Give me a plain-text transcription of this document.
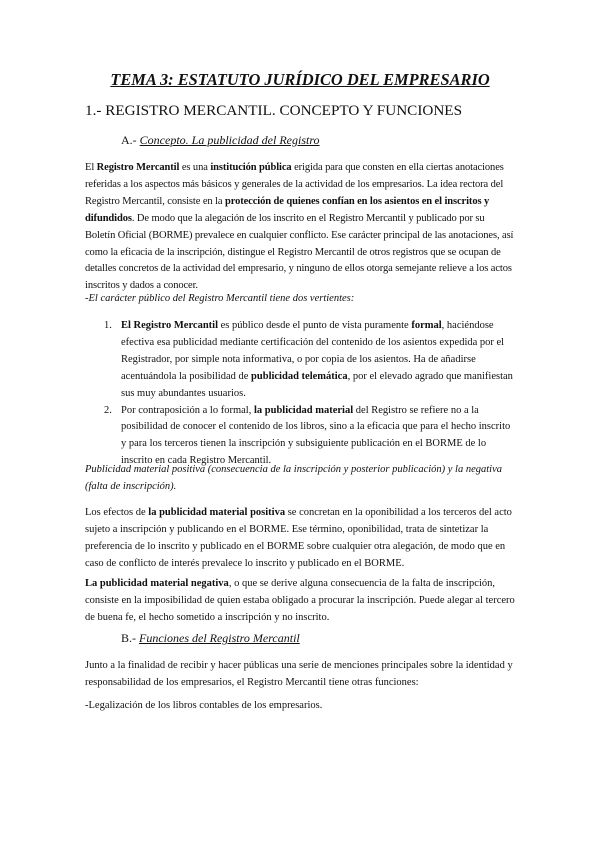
TEMA 3: ESTATUTO JURÍDICO DEL EMPRESARIO
1.- REGISTRO MERCANTIL. CONCEPTO Y FUNCIONES
A.- Concepto. La publicidad del Registro

El Registro Mercantil es una institución pública erigida para que consten en ella ciertas anotaciones referidas a los aspectos más básicos y generales de la actividad de los empresarios. La idea rectora del Registro Mercantil, consiste en la protección de quienes confían en los asientos en el inscritos y difundidos. De modo que la alegación de los inscrito en el Registro Mercantil y publicado por su Boletín Oficial (BORME) prevalece en cualquier conflicto. Ese carácter principal de las anotaciones, así como la eficacia de la inscripción, distingue el Registro Mercantil de otros registros que se ocupan de detalles concretos de la actividad del empresario, y ninguno de ellos otorga semejante relieve a los actos inscritos y dados a conocer.

-El carácter público del Registro Mercantil tiene dos vertientes:

1. El Registro Mercantil es público desde el punto de vista puramente formal, haciéndose efectiva esa publicidad mediante certificación del contenido de los asientos expedida por el Registrador, por simple nota informativa, o por copia de los asientos. Ha de añadirse acentuándola la posibilidad de publicidad telemática, por el elevado agrado que manifiestan sus muy abundantes usuarios.
2. Por contraposición a lo formal, la publicidad material del Registro se refiere no a la posibilidad de conocer el contenido de los libros, sino a la eficacia que para el hecho inscrito y para los terceros tienen la inscripción y subsiguiente publicación en el BORME de lo inscrito en cada Registro Mercantil.

Publicidad material positiva (consecuencia de la inscripción y posterior publicación) y la negativa (falta de inscripción).

Los efectos de la publicidad material positiva se concretan en la oponibilidad a los terceros del acto sujeto a inscripción y publicando en el BORME. Ese término, oponibilidad, trata de sintetizar la preferencia de lo inscrito y publicado en el BORME sobre cualquier otra alegación, de modo que en caso de conflicto de interés prevalece lo inscrito y publicado en el BORME.

La publicidad material negativa, o que se derive alguna consecuencia de la falta de inscripción, consiste en la imposibilidad de quien estaba obligado a procurar la inscripción. Puede alegar al tercero de buena fe, el hecho sometido a inscripción y no inscrito.

B.- Funciones del Registro Mercantil

Junto a la finalidad de recibir y hacer públicas una serie de menciones principales sobre la identidad y responsabilidad de los empresarios, el Registro Mercantil tiene otras funciones:

-Legalización de los libros contables de los empresarios.
